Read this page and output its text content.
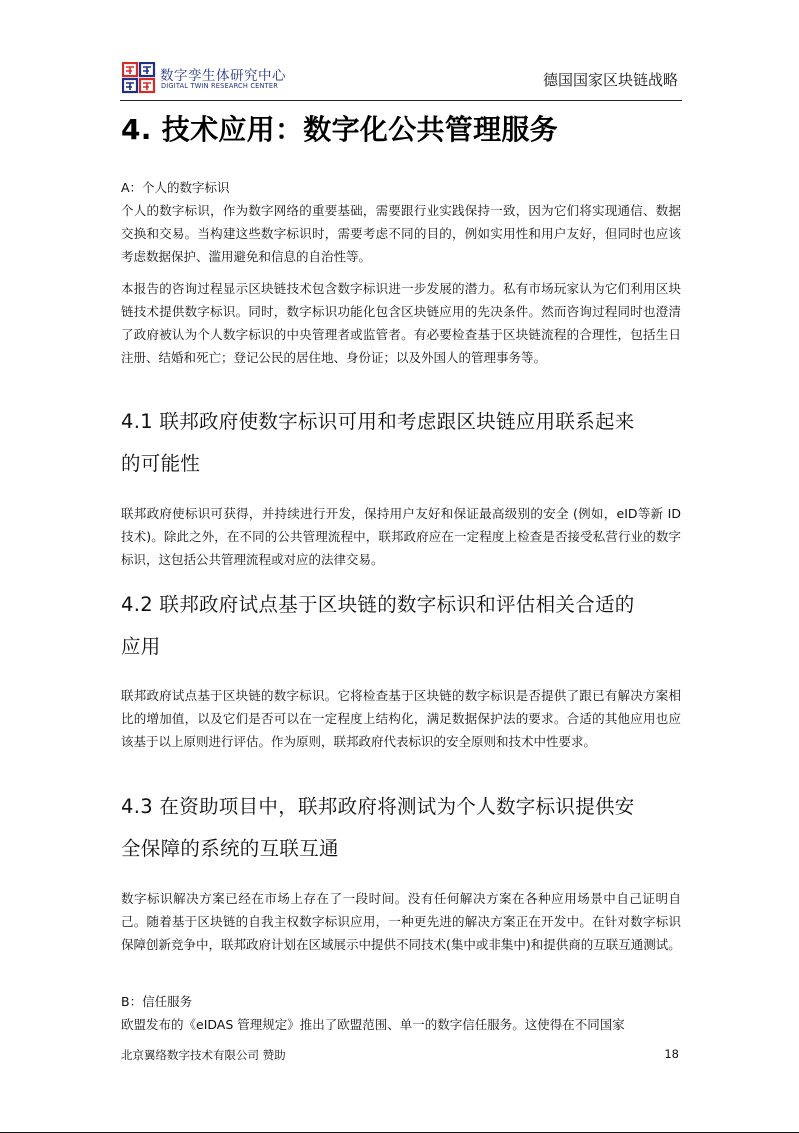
数字孪生体研究中心
DIGITAL TWIN RESEARCH CENTER	德国国家区块链战略
4. 技术应用：数字化公共管理服务

A：个人的数字标识

个人的数字标识，作为数字网络的重要基础，需要跟行业实践保持一致，因为它们将实现通信、数据交换和交易。当构建这些数字标识时，需要考虑不同的目的，例如实用性和用户友好，但同时也应该考虑数据保护、滥用避免和信息的自治性等。

本报告的咨询过程显示区块链技术包含数字标识进一步发展的潜力。私有市场玩家认为它们利用区块链技术提供数字标识。同时，数字标识功能化包含区块链应用的先决条件。然而咨询过程同时也澄清了政府被认为个人数字标识的中央管理者或监管者。有必要检查基于区块链流程的合理性，包括生日注册、结婚和死亡；登记公民的居住地、身份证；以及外国人的管理事务等。

4.1 联邦政府使数字标识可用和考虑跟区块链应用联系起来
的可能性

联邦政府使标识可获得，并持续进行开发，保持用户友好和保证最高级别的安全 (例如，eID等新 ID 技术)。除此之外，在不同的公共管理流程中，联邦政府应在一定程度上检查是否接受私营行业的数字标识，这包括公共管理流程或对应的法律交易。

4.2 联邦政府试点基于区块链的数字标识和评估相关合适的
应用

联邦政府试点基于区块链的数字标识。它将检查基于区块链的数字标识是否提供了跟已有解决方案相比的增加值，以及它们是否可以在一定程度上结构化，满足数据保护法的要求。合适的其他应用也应该基于以上原则进行评估。作为原则，联邦政府代表标识的安全原则和技术中性要求。

4.3 在资助项目中，联邦政府将测试为个人数字标识提供安
全保障的系统的互联互通

数字标识解决方案已经在市场上存在了一段时间。没有任何解决方案在各种应用场景中自己证明自己。随着基于区块链的自我主权数字标识应用，一种更先进的解决方案正在开发中。在针对数字标识保障创新竞争中，联邦政府计划在区域展示中提供不同技术(集中或非集中)和提供商的互联互通测试。

B：信任服务

欧盟发布的《eIDAS 管理规定》推出了欧盟范围、单一的数字信任服务。这使得在不同国家

北京翼络数字技术有限公司 赞助	18
